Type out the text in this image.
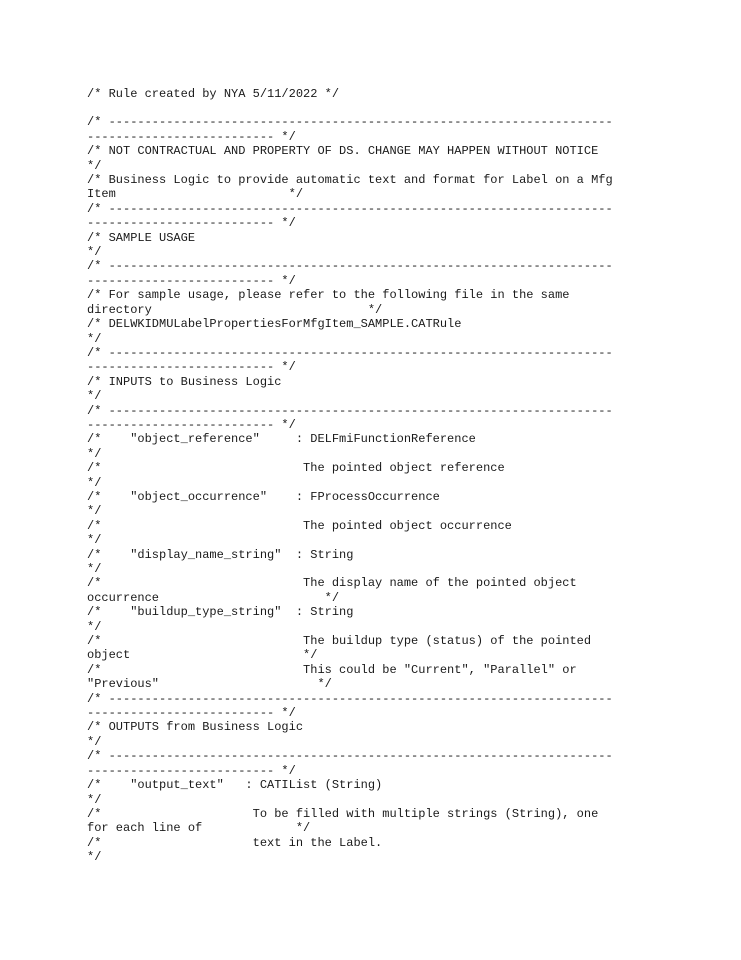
/* Rule created by NYA 5/11/2022 */
/* ----------------------------------------------------------------------
-------------------------- */
/* NOT CONTRACTUAL AND PROPERTY OF DS. CHANGE MAY HAPPEN WITHOUT NOTICE
*/
/* Business Logic to provide automatic text and format for Label on a Mfg
Item                        */
/* ----------------------------------------------------------------------
-------------------------- */
/* SAMPLE USAGE
*/
/* ----------------------------------------------------------------------
-------------------------- */
/* For sample usage, please refer to the following file in the same
directory                              */
/* DELWKIDMULabelPropertiesForMfgItem_SAMPLE.CATRule
*/
/* ----------------------------------------------------------------------
-------------------------- */
/* INPUTS to Business Logic
*/
/* ----------------------------------------------------------------------
-------------------------- */
/*    "object_reference"     : DELFmiFunctionReference
*/
/*                            The pointed object reference
*/
/*    "object_occurrence"    : FProcessOccurrence
*/
/*                            The pointed object occurrence
*/
/*    "display_name_string"  : String
*/
/*                            The display name of the pointed object
occurrence                       */
/*    "buildup_type_string"  : String
*/
/*                            The buildup type (status) of the pointed
object                        */
/*                            This could be "Current", "Parallel" or
"Previous"                      */
/* ----------------------------------------------------------------------
-------------------------- */
/* OUTPUTS from Business Logic
*/
/* ----------------------------------------------------------------------
-------------------------- */
/*    "output_text"   : CATIList (String)
*/
/*                     To be filled with multiple strings (String), one
for each line of             */
/*                     text in the Label.
*/
